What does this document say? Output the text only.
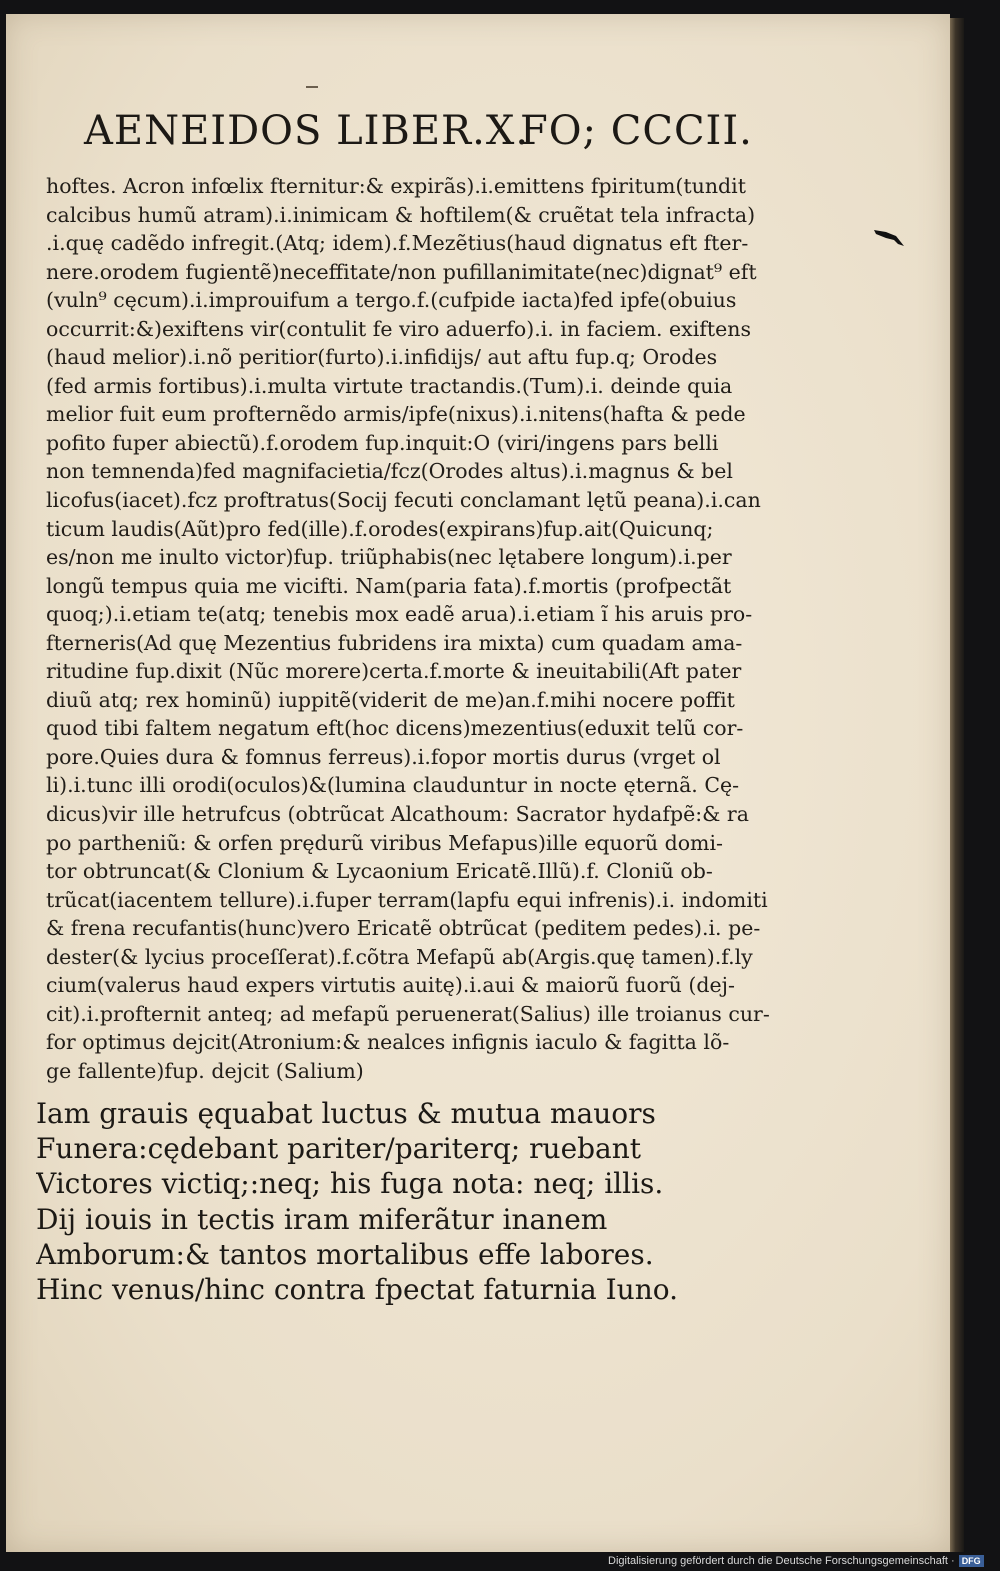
AENEIDOS LIBER.X.
FO; CCCII.
hoftes. Acron infœlix fternitur:& expirãs).i.emittens fpiritum(tundit
calcibus humũ atram).i.inimicam & hoftilem(& cruẽtat tela infracta)
.i.quę cadẽdo infregit.(Atq; idem).f.Mezẽtius(haud dignatus eft fter-
nere.orodem fugientẽ)neceffitate/non pufillanimitate(nec)dignat⁹ eft
(vuln⁹ cęcum).i.improuifum a tergo.f.(cufpide iacta)fed ipfe(obuius
occurrit:&)exiftens vir(contulit fe viro aduerfo).i. in faciem. exiftens
(haud melior).i.nõ peritior(furto).i.infidijs/ aut aftu fup.q; Orodes
(fed armis fortibus).i.multa virtute tractandis.(Tum).i. deinde quia
melior fuit eum profternẽdo armis/ipfe(nixus).i.nitens(hafta & pede
pofito fuper abiectũ).f.orodem fup.inquit:O (viri/ingens pars belli
non temnenda)fed magnifacietia/fcz(Orodes altus).i.magnus & bel
licofus(iacet).fcz proftratus(Socij fecuti conclamant lętũ peana).i.can
ticum laudis(Aũt)pro fed(ille).f.orodes(expirans)fup.ait(Quicunq;
es/non me inulto victor)fup. triũphabis(nec lętabere longum).i.per
longũ tempus quia me vicifti. Nam(paria fata).f.mortis (profpectãt
quoq;).i.etiam te(atq; tenebis mox eadẽ arua).i.etiam ĩ his aruis pro-
fterneris(Ad quę Mezentius fubridens ira mixta) cum quadam ama-
ritudine fup.dixit (Nũc morere)certa.f.morte & ineuitabili(Aft pater
diuũ atq; rex hominũ) iuppitẽ(viderit de me)an.f.mihi nocere poffit
quod tibi faltem negatum eft(hoc dicens)mezentius(eduxit telũ cor-
pore.Quies dura & fomnus ferreus).i.fopor mortis durus (vrget ol
li).i.tunc illi orodi(oculos)&(lumina clauduntur in nocte ęternã. Cę-
dicus)vir ille hetrufcus (obtrũcat Alcathoum: Sacrator hydafpẽ:& ra
po partheniũ: & orfen prędurũ viribus Mefapus)ille equorũ domi-
tor obtruncat(& Clonium & Lycaonium Ericatẽ.Illũ).f. Cloniũ ob-
trũcat(iacentem tellure).i.fuper terram(lapfu equi infrenis).i. indomiti
& frena recufantis(hunc)vero Ericatẽ obtrũcat (peditem pedes).i. pe-
dester(& lycius proceſſerat).f.cõtra Mefapũ ab(Argis.quę tamen).f.ly
cium(valerus haud expers virtutis auitę).i.aui & maiorũ fuorũ (dej-
cit).i.profternit anteq; ad mefapũ peruenerat(Salius) ille troianus cur-
for optimus dejcit(Atronium:& nealces infignis iaculo & fagitta lõ-
ge fallente)fup. dejcit (Salium)
Iam grauis ęquabat luctus & mutua mauors
Funera:cędebant pariter/pariterq; ruebant
Victores victiq;:neq; his fuga nota: neq; illis.
Dij iouis in tectis iram miferãtur inanem
Amborum:& tantos mortalibus effe labores.
Hinc venus/hinc contra fpectat faturnia Iuno.
Digitalisierung gefördert durch die Deutsche Forschungsgemeinschaft · DFG
